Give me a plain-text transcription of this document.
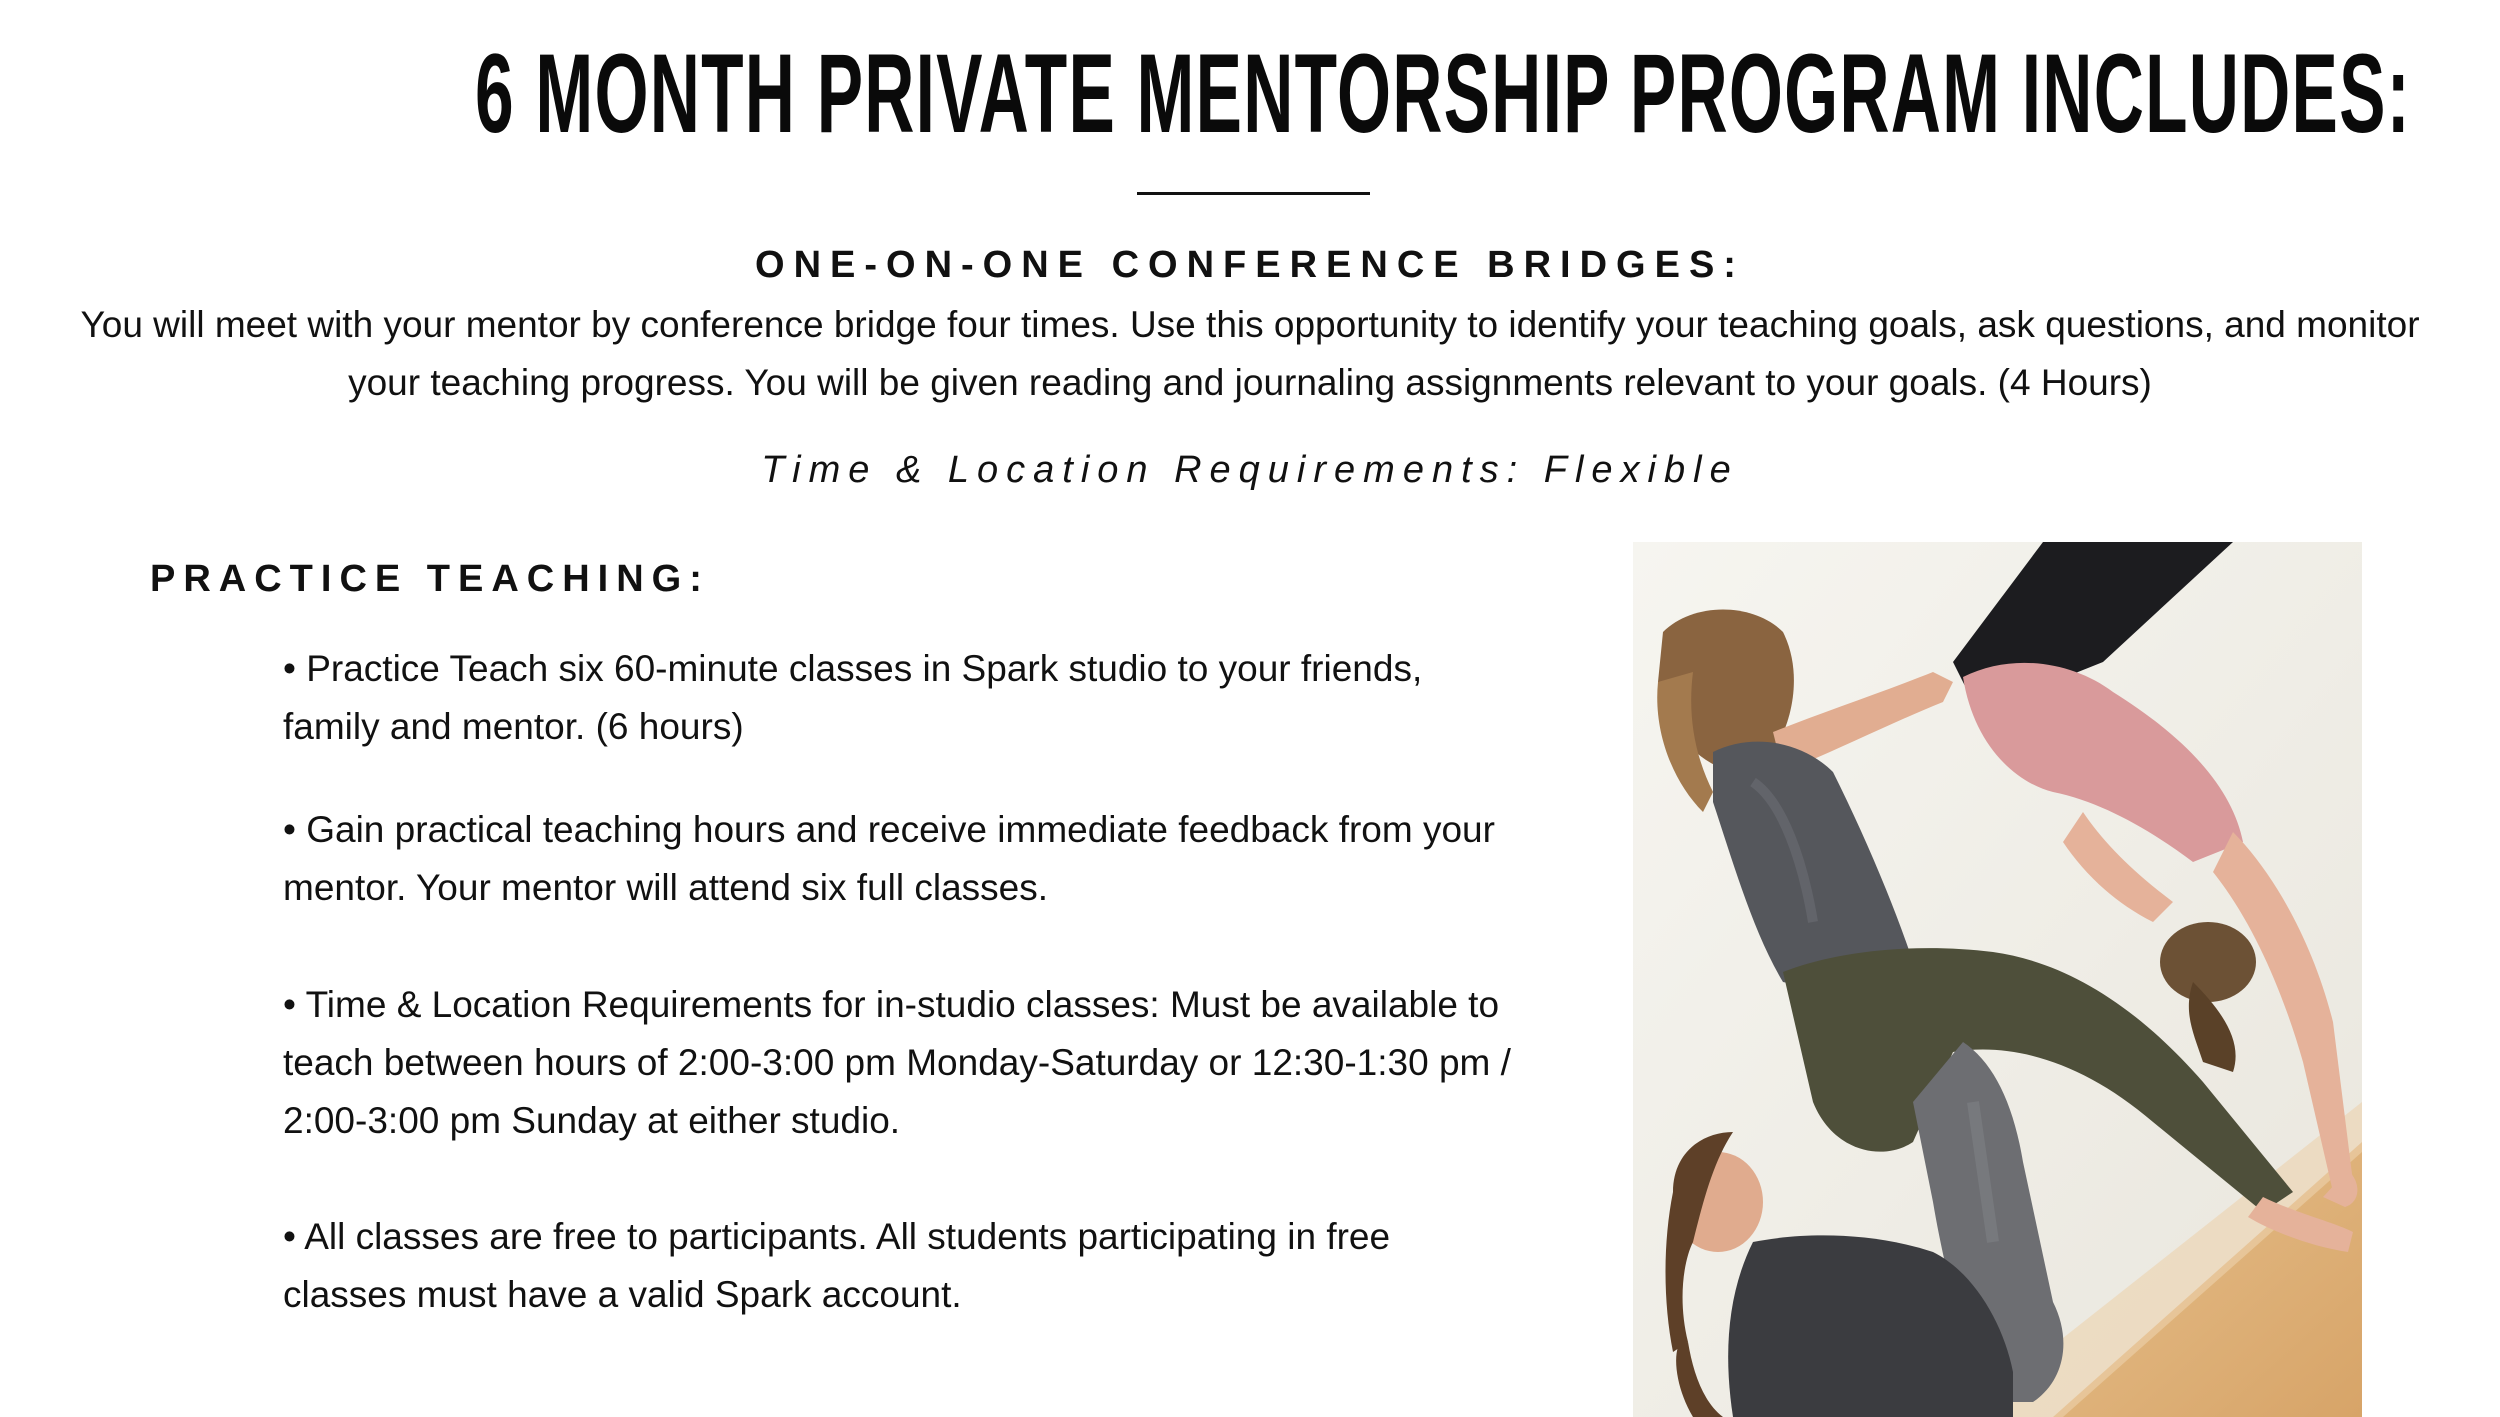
6 MONTH PRIVATE MENTORSHIP PROGRAM INCLUDES:
ONE-ON-ONE CONFERENCE BRIDGES:
You will meet with your mentor by conference bridge four times. Use this opportunity to identify your teaching goals, ask questions, and monitor your teaching progress. You will be given reading and journaling assignments relevant to your goals. (4 Hours)
Time & Location Requirements: Flexible
PRACTICE TEACHING:
• Practice Teach six 60-minute classes in Spark studio to your friends, family and mentor. (6 hours)
• Gain practical teaching hours and receive immediate feedback from your mentor. Your mentor will attend six full classes.
• Time & Location Requirements for in-studio classes: Must be available to teach between hours of 2:00-3:00 pm Monday-Saturday or 12:30-1:30 pm / 2:00-3:00 pm Sunday at either studio.
• All classes are free to participants. All students participating in free classes must have a valid Spark account.
